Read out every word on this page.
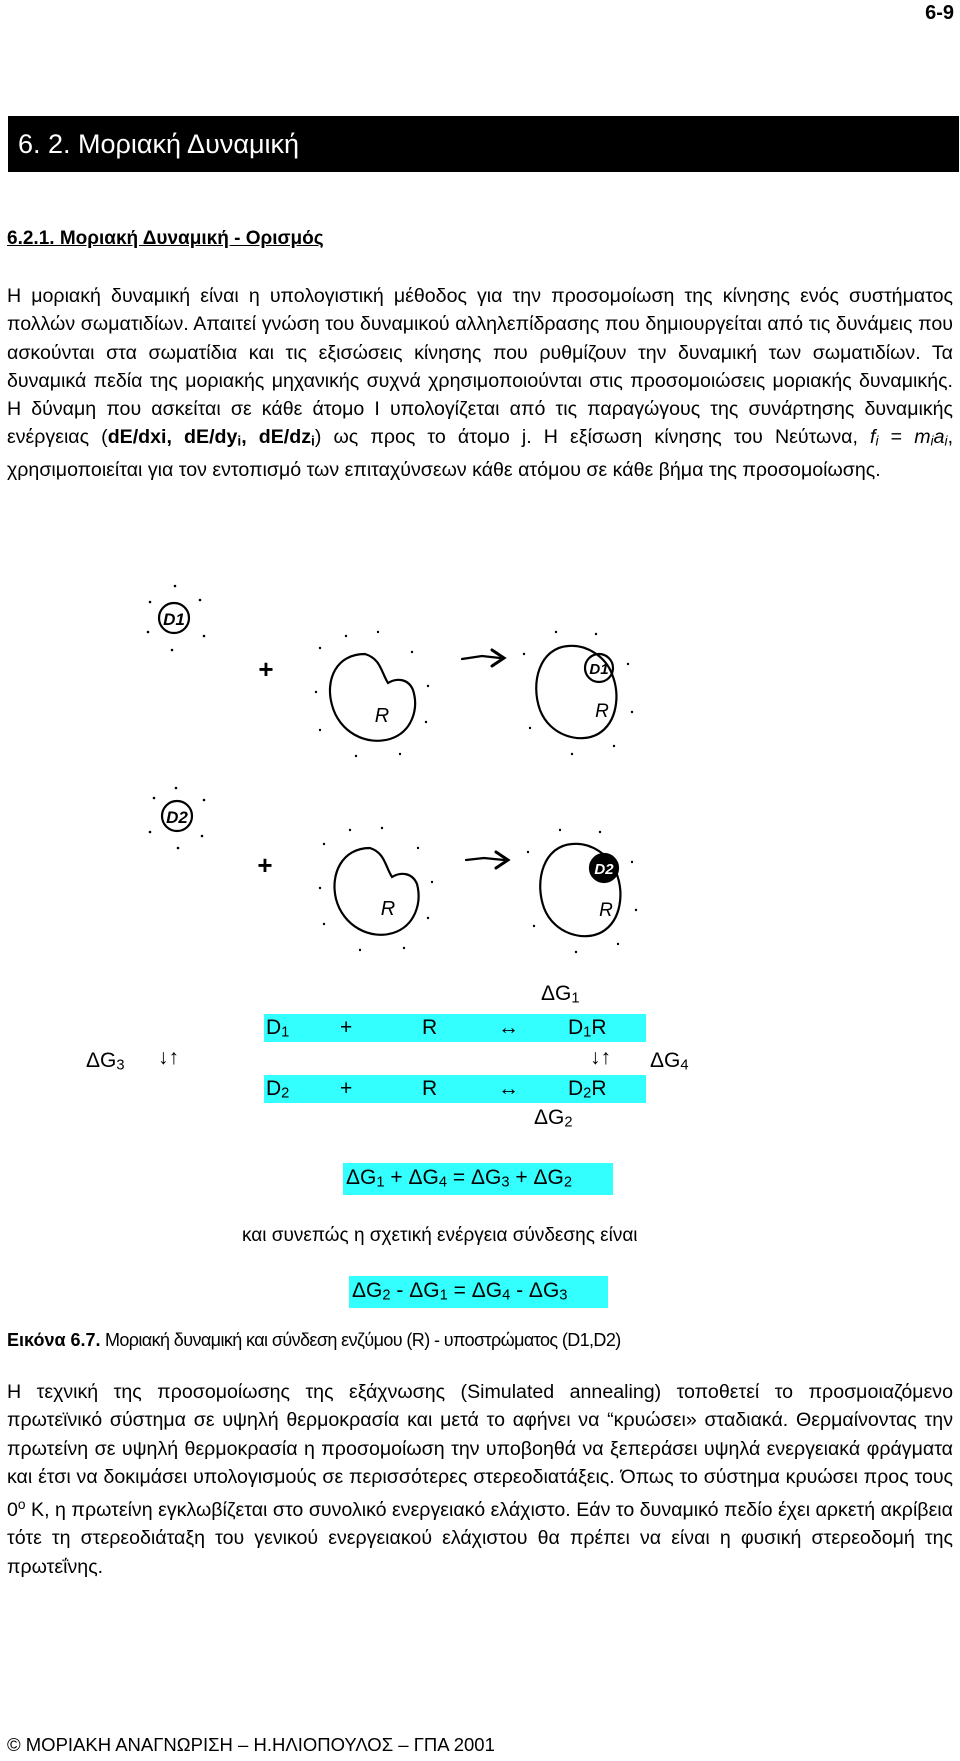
6-9
6. 2. Μοριακή Δυναμική
6.2.1. Μοριακή Δυναμική - Ορισμός
Η μοριακή δυναμική είναι η υπολογιστική μέθοδος για την προσομοίωση της κίνησης ενός συστήματος πολλών σωματιδίων. Απαιτεί γνώση του δυναμικού αλληλεπίδρασης που δημιουργείται από τις δυνάμεις που ασκούνται στα σωματίδια και τις εξισώσεις κίνησης που ρυθμίζουν την δυναμική των σωματιδίων. Τα δυναμικά πεδία της μοριακής μηχανικής συχνά χρησιμοποιούνται στις προσομοιώσεις μοριακής δυναμικής. Η δύναμη που ασκείται σε κάθε άτομο I υπολογίζεται από τις παραγώγους της συνάρτησης δυναμικής ενέργειας (dE/dxi, $dE/dy_i$, $dE/dz_i$) ως προς το άτομο j. Η εξίσωση κίνησης του Νεύτωνα, $f_i = m_ia_i$, χρησιμοποιείται για τον εντοπισμό των επιταχύνσεων κάθε ατόμου σε κάθε βήμα της προσομοίωσης.
D1
+
R
D1
R
D2
+
R
D2
R
$\Delta G_1$
$D_1$ +	R	↔ $D_1R$
$\Delta G_3$ ↓↑	↓↑ $\Delta G_4$
$D_2$ +	R	↔ $D_2R$
$\Delta G_2$
$\Delta G_1 + \Delta G_4 = \Delta G_3 + \Delta G_2$
και συνεπώς η σχετική ενέργεια σύνδεσης είναι
$\Delta G_2 - \Delta G_1 = \Delta G_4 - \Delta G_3$
Εικόνα 6.7. Μοριακή δυναμική και σύνδεση ενζύμου (R) - υποστρώματος (D1,D2)
Η τεχνική της προσομοίωσης της εξάχνωσης (Simulated annealing) τοποθετεί το προσμοιαζόμενο πρωτεϊνικό σύστημα σε υψηλή θερμοκρασία και μετά το αφήνει να “κρυώσει» σταδιακά. Θερμαίνοντας την πρωτείνη σε υψηλή θερμοκρασία η προσομοίωση την υποβοηθά να ξεπεράσει υψηλά ενεργειακά φράγματα και έτσι να δοκιμάσει υπολογισμούς σε περισσότερες στερεοδιατάξεις. Όπως το σύστημα κρυώσει προς τους $0^o$ K, η πρωτείνη εγκλωβίζεται στο συνολικό ενεργειακό ελάχιστο. Εάν το δυναμικό πεδίο έχει αρκετή ακρίβεια τότε τη στερεοδιάταξη του γενικού ενεργειακού ελάχιστου θα πρέπει να είναι η φυσική στερεοδομή της πρωτεΐνης.
© ΜΟΡΙΑΚΗ ΑΝΑΓΝΩΡΙΣΗ – Η.ΗΛΙΟΠΟΥΛΟΣ – ΓΠΑ 2001
